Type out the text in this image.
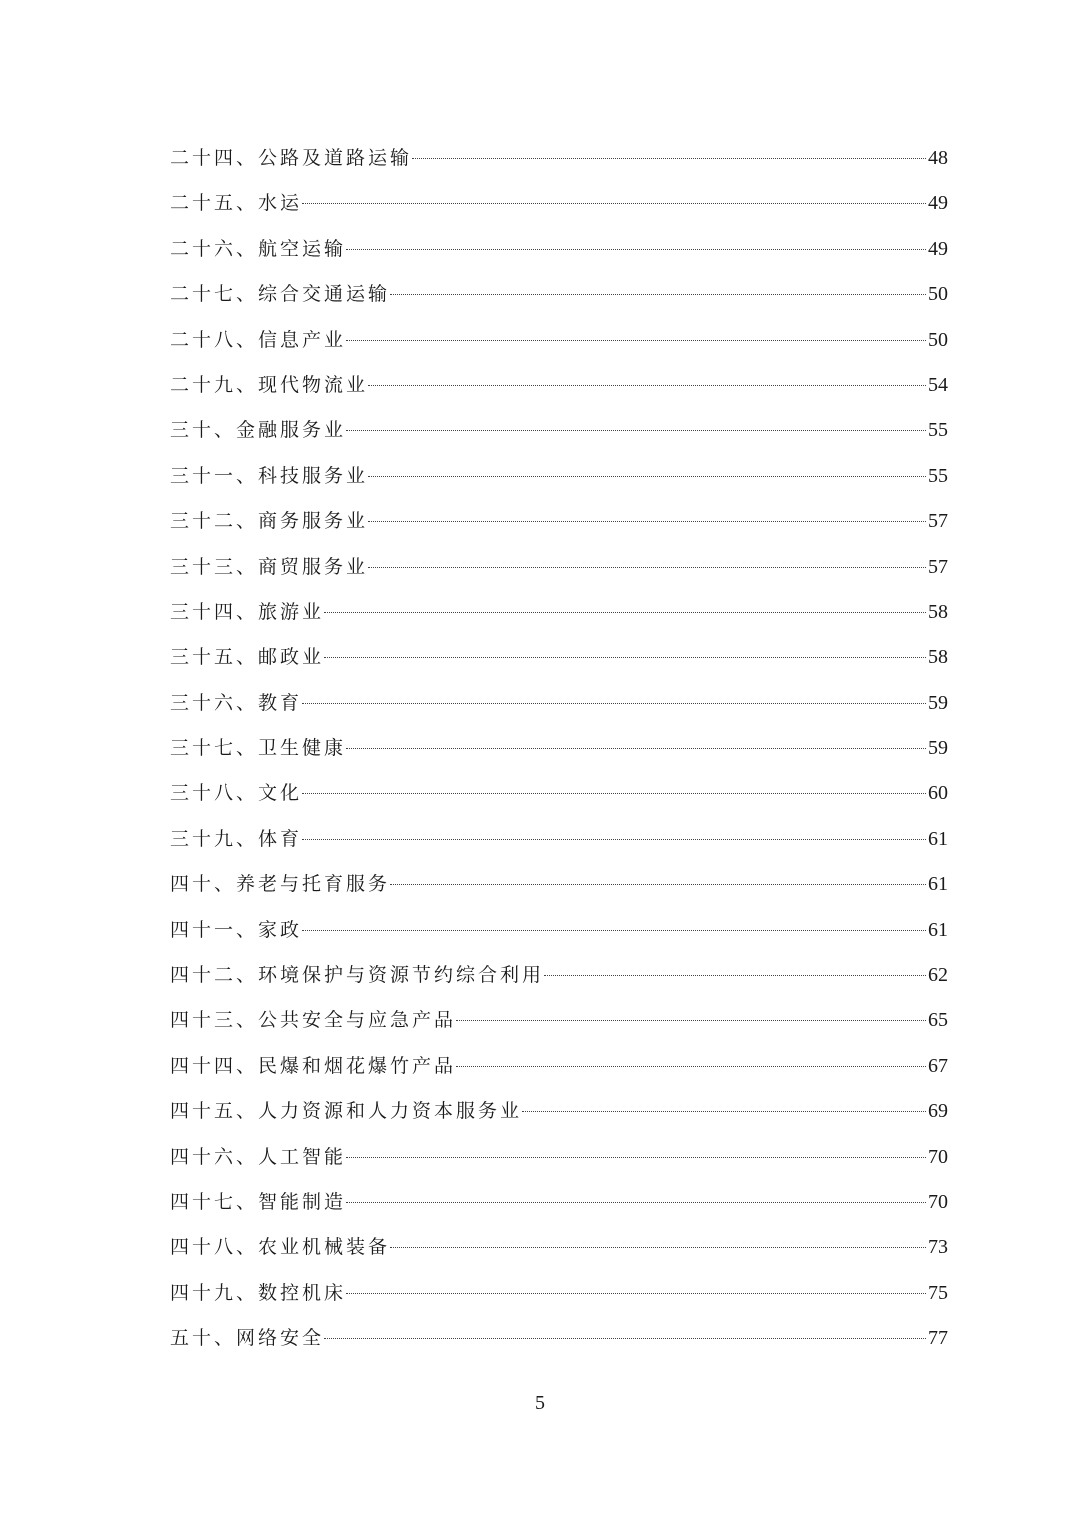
二十四、公路及道路运输	48
二十五、水运	49
二十六、航空运输	49
二十七、综合交通运输	50
二十八、信息产业	50
二十九、现代物流业	54
三十、金融服务业	55
三十一、科技服务业	55
三十二、商务服务业	57
三十三、商贸服务业	57
三十四、旅游业	58
三十五、邮政业	58
三十六、教育	59
三十七、卫生健康	59
三十八、文化	60
三十九、体育	61
四十、养老与托育服务	61
四十一、家政	61
四十二、环境保护与资源节约综合利用	62
四十三、公共安全与应急产品	65
四十四、民爆和烟花爆竹产品	67
四十五、人力资源和人力资本服务业	69
四十六、人工智能	70
四十七、智能制造	70
四十八、农业机械装备	73
四十九、数控机床	75
五十、网络安全	77
5
